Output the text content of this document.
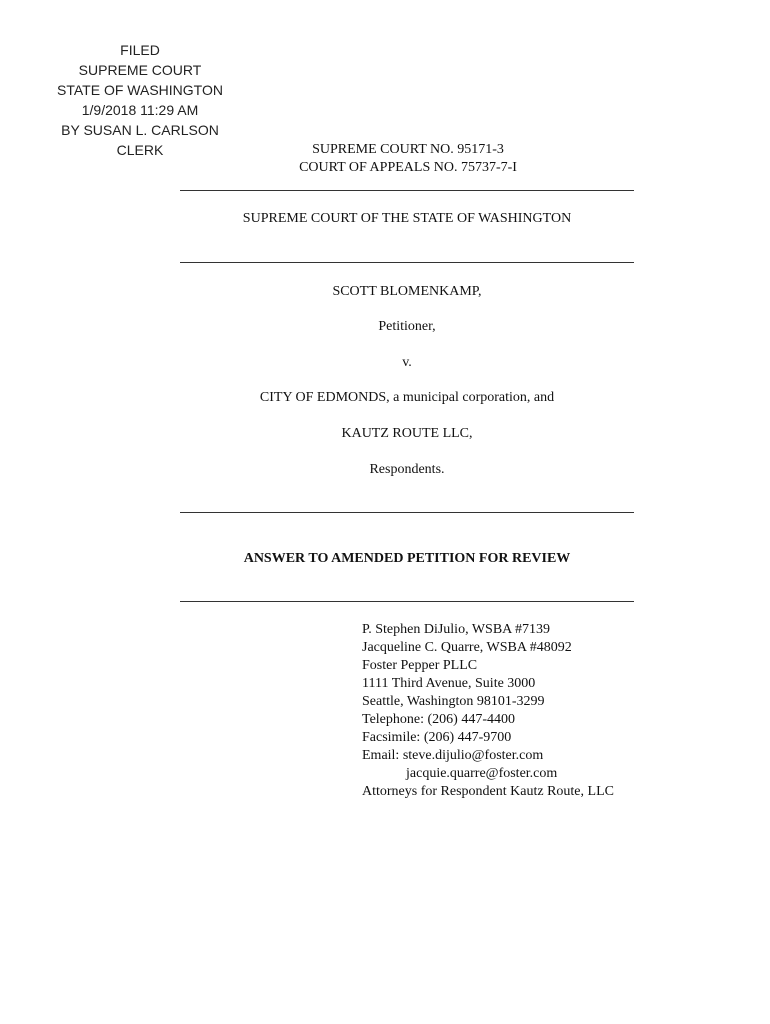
FILED
SUPREME COURT
STATE OF WASHINGTON
1/9/2018 11:29 AM
BY SUSAN L. CARLSON
CLERK	SUPREME COURT NO. 95171-3
COURT OF APPEALS NO. 75737-7-I
SUPREME COURT OF THE STATE OF WASHINGTON
SCOTT BLOMENKAMP,
Petitioner,
v.
CITY OF EDMONDS, a municipal corporation, and
KAUTZ ROUTE LLC,
Respondents.
ANSWER TO AMENDED PETITION FOR REVIEW
P. Stephen DiJulio, WSBA #7139
Jacqueline C. Quarre, WSBA #48092
Foster Pepper PLLC
1111 Third Avenue, Suite 3000
Seattle, Washington 98101-3299
Telephone: (206) 447-4400
Facsimile: (206) 447-9700
Email: steve.dijulio@foster.com
jacquie.quarre@foster.com
Attorneys for Respondent Kautz Route, LLC
